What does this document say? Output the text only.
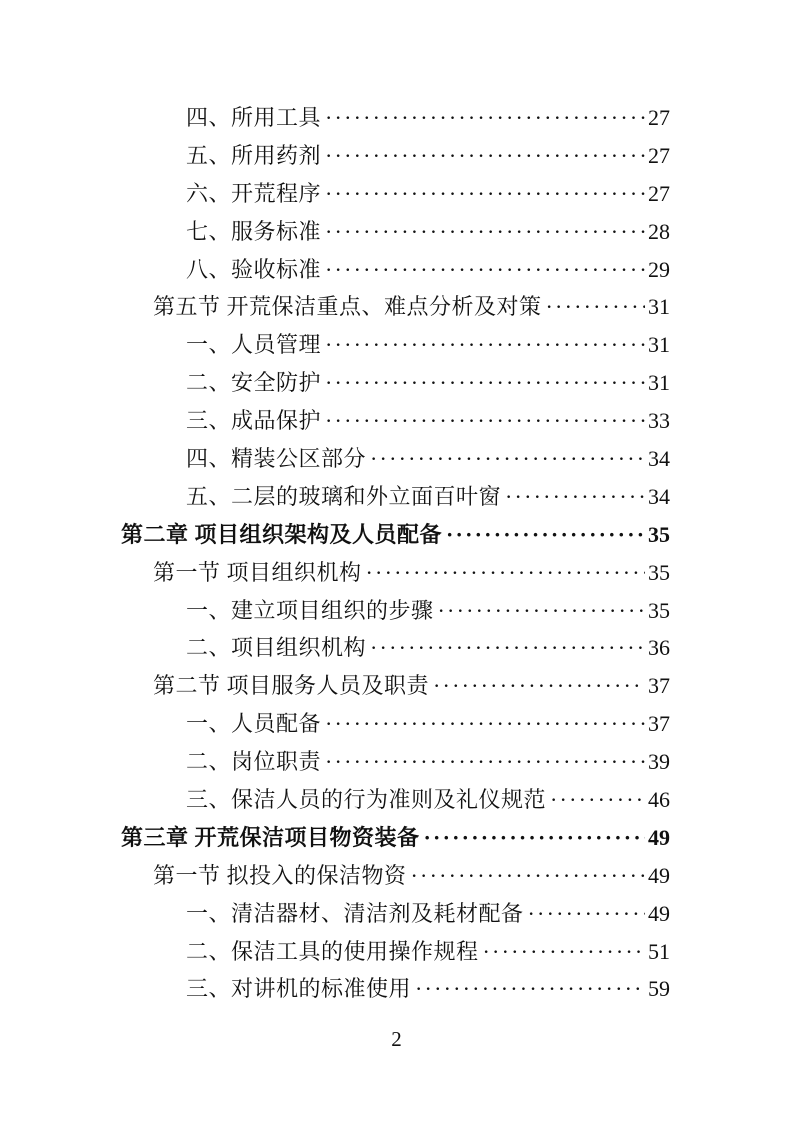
四、所用工具 ·····	27
五、所用药剂 ·····	27
六、开荒程序 ·····	27
七、服务标准 ·····	28
八、验收标准 ·····	29
第五节 开荒保洁重点、难点分析及对策 ·····	31
一、人员管理 ·····	31
二、安全防护 ·····	31
三、成品保护 ·····	33
四、精装公区部分 ·····	34
五、二层的玻璃和外立面百叶窗 ·····	34
第二章 项目组织架构及人员配备 ·····	35
第一节 项目组织机构 ·····	35
一、建立项目组织的步骤 ·····	35
二、项目组织机构 ·····	36
第二节 项目服务人员及职责 ·····	37
一、人员配备 ·····	37
二、岗位职责 ·····	39
三、保洁人员的行为准则及礼仪规范 ·····	46
第三章 开荒保洁项目物资装备 ·····	49
第一节 拟投入的保洁物资 ·····	49
一、清洁器材、清洁剂及耗材配备 ·····	49
二、保洁工具的使用操作规程 ·····	51
三、对讲机的标准使用 ·····	59
2
